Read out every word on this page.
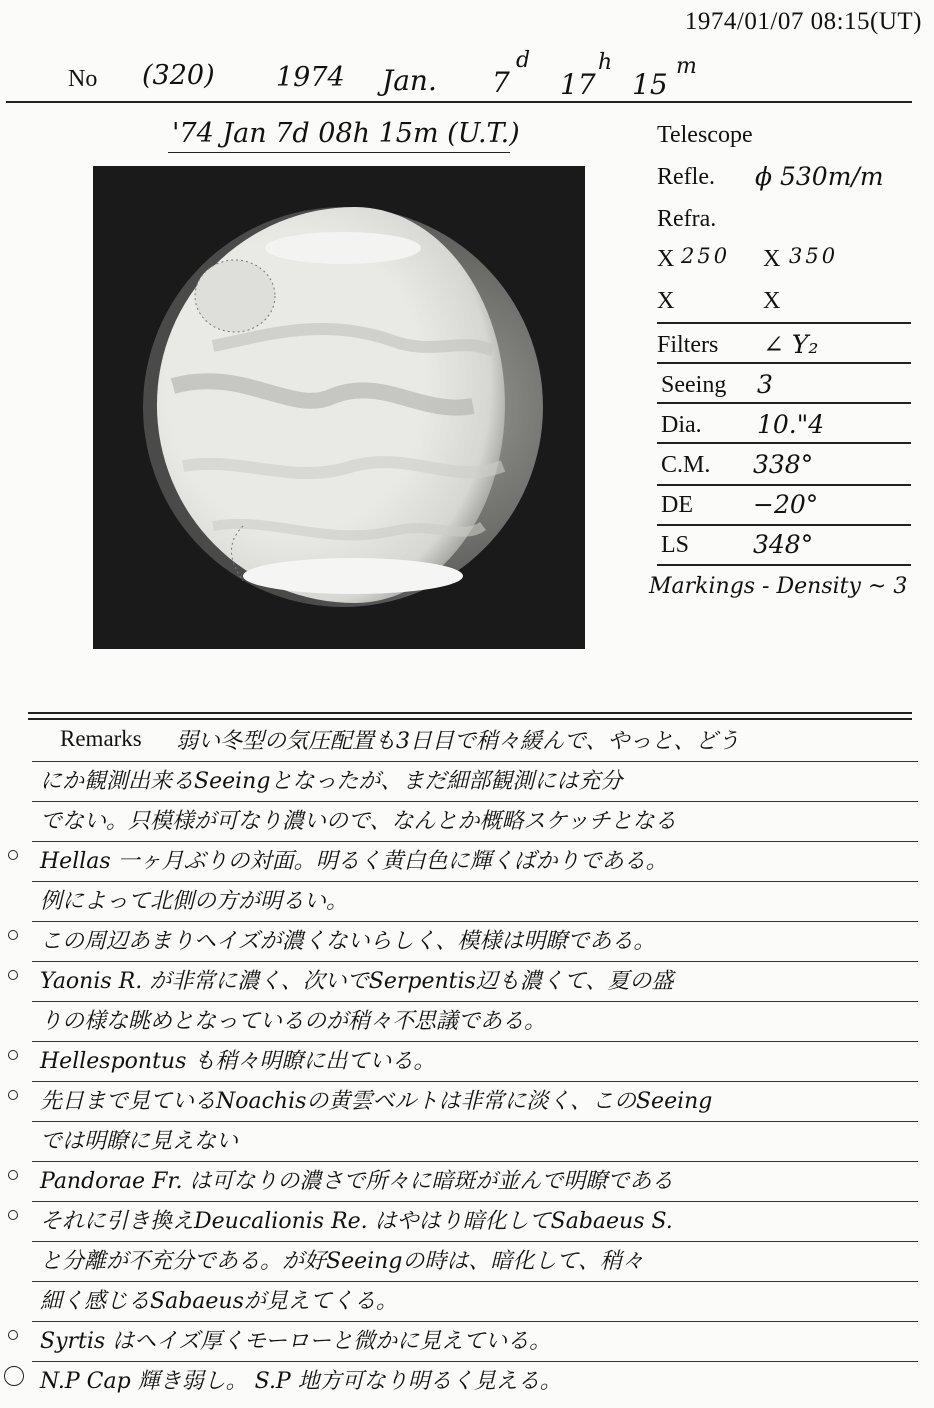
1974/01/07 08:15(UT)
No (320) 1974 Jan. 7
d
17
h
15
m
'74 Jan 7d 08h 15m (U.T.)	Telescope
Refle. ϕ 530m/m
Refra.
X 250 X 350
X	X
Filters ∠ Y₂
Seeing 3
Dia. 10."4
C.M. 338°
DE −20°
LS	348°
Markings - Density ~ 3
Remarks 弱い冬型の気圧配置も3日目で稍々緩んで、やっと、どう
にか観測出来るSeeingとなったが、まだ細部観測には充分
でない。只模様が可なり濃いので、なんとか概略スケッチとなる
Hellas 一ヶ月ぶりの対面。明るく黄白色に輝くばかりである。
例によって北側の方が明るい。
この周辺あまりヘイズが濃くないらしく、模様は明瞭である。
Yaonis R. が非常に濃く、次いでSerpentis辺も濃くて、夏の盛
りの様な眺めとなっているのが稍々不思議である。
Hellespontus も稍々明瞭に出ている。
先日まで見ているNoachisの黄雲ベルトは非常に淡く、このSeeing
では明瞭に見えない
Pandorae Fr. は可なりの濃さで所々に暗斑が並んで明瞭である
それに引き換えDeucalionis Re. はやはり暗化してSabaeus S.
と分離が不充分である。が好Seeingの時は、暗化して、稍々
細く感じるSabaeusが見えてくる。
Syrtis はヘイズ厚くモーローと微かに見えている。
N.P Cap 輝き弱し。 S.P 地方可なり明るく見える。
